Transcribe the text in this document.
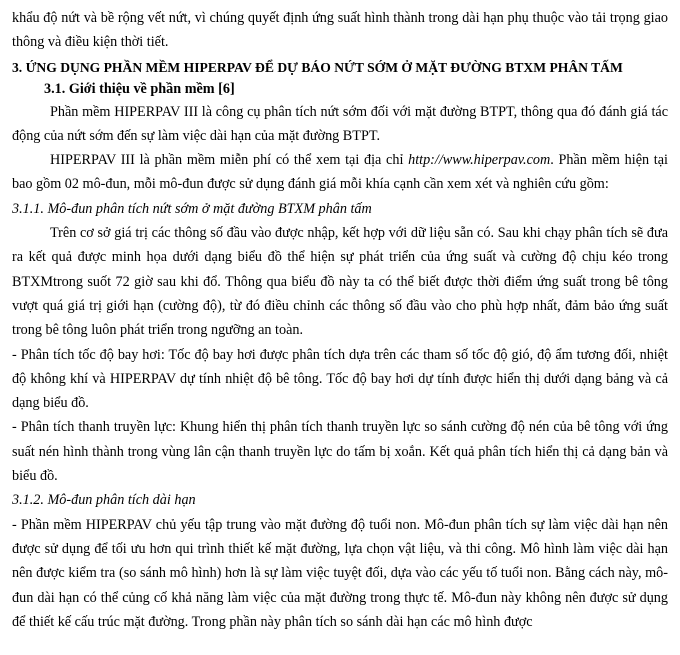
khẩu độ nứt và bề rộng vết nứt, vì chúng quyết định ứng suất hình thành trong dài hạn phụ thuộc vào tải trọng giao thông và điều kiện thời tiết.

3. ỨNG DỤNG PHẦN MỀM HIPERPAV ĐỂ DỰ BÁO NỨT SỚM Ở MẶT ĐƯỜNG BTXM PHÂN TẤM

3.1. Giới thiệu về phần mềm [6]

Phần mềm HIPERPAV III là công cụ phân tích nứt sớm đối với mặt đường BTPT, thông qua đó đánh giá tác động của nứt sớm đến sự làm việc dài hạn của mặt đường BTPT.

HIPERPAV III là phần mềm miễn phí có thể xem tại địa chỉ http://www.hiperpav.com. Phần mềm hiện tại bao gồm 02 mô-đun, mỗi mô-đun được sử dụng đánh giá mỗi khía cạnh cần xem xét và nghiên cứu gồm:

3.1.1. Mô-đun phân tích nứt sớm ở mặt đường BTXM phân tấm

Trên cơ sở giá trị các thông số đầu vào được nhập, kết hợp với dữ liệu sẵn có. Sau khi chạy phân tích sẽ đưa ra kết quả được minh họa dưới dạng biểu đồ thể hiện sự phát triển của ứng suất và cường độ chịu kéo trong BTXMtrong suốt 72 giờ sau khi đổ. Thông qua biểu đồ này ta có thể biết được thời điểm ứng suất trong bê tông vượt quá giá trị giới hạn (cường độ), từ đó điều chỉnh các thông số đầu vào cho phù hợp nhất, đảm bảo ứng suất trong bê tông luôn phát triển trong ngưỡng an toàn.

- Phân tích tốc độ bay hơi: Tốc độ bay hơi được phân tích dựa trên các tham số tốc độ gió, độ ẩm tương đối, nhiệt độ không khí và HIPERPAV dự tính nhiệt độ bê tông. Tốc độ bay hơi dự tính được hiển thị dưới dạng bảng và cả dạng biểu đồ.

- Phân tích thanh truyền lực: Khung hiển thị phân tích thanh truyền lực so sánh cường độ nén của bê tông với ứng suất nén hình thành trong vùng lân cận thanh truyền lực do tấm bị xoắn. Kết quả phân tích hiển thị cả dạng bản và biểu đồ.

3.1.2. Mô-đun phân tích dài hạn

- Phần mềm HIPERPAV chủ yếu tập trung vào mặt đường độ tuổi non. Mô-đun phân tích sự làm việc dài hạn nên được sử dụng để tối ưu hơn qui trình thiết kế mặt đường, lựa chọn vật liệu, và thi công. Mô hình làm việc dài hạn nên được kiểm tra (so sánh mô hình) hơn là sự làm việc tuyệt đối, dựa vào các yếu tố tuổi non. Bằng cách này, mô-đun dài hạn có thể củng cố khả năng làm việc của mặt đường trong thực tế. Mô-đun này không nên được sử dụng để thiết kế cấu trúc mặt đường. Trong phần này phân tích so sánh dài hạn các mô hình được
